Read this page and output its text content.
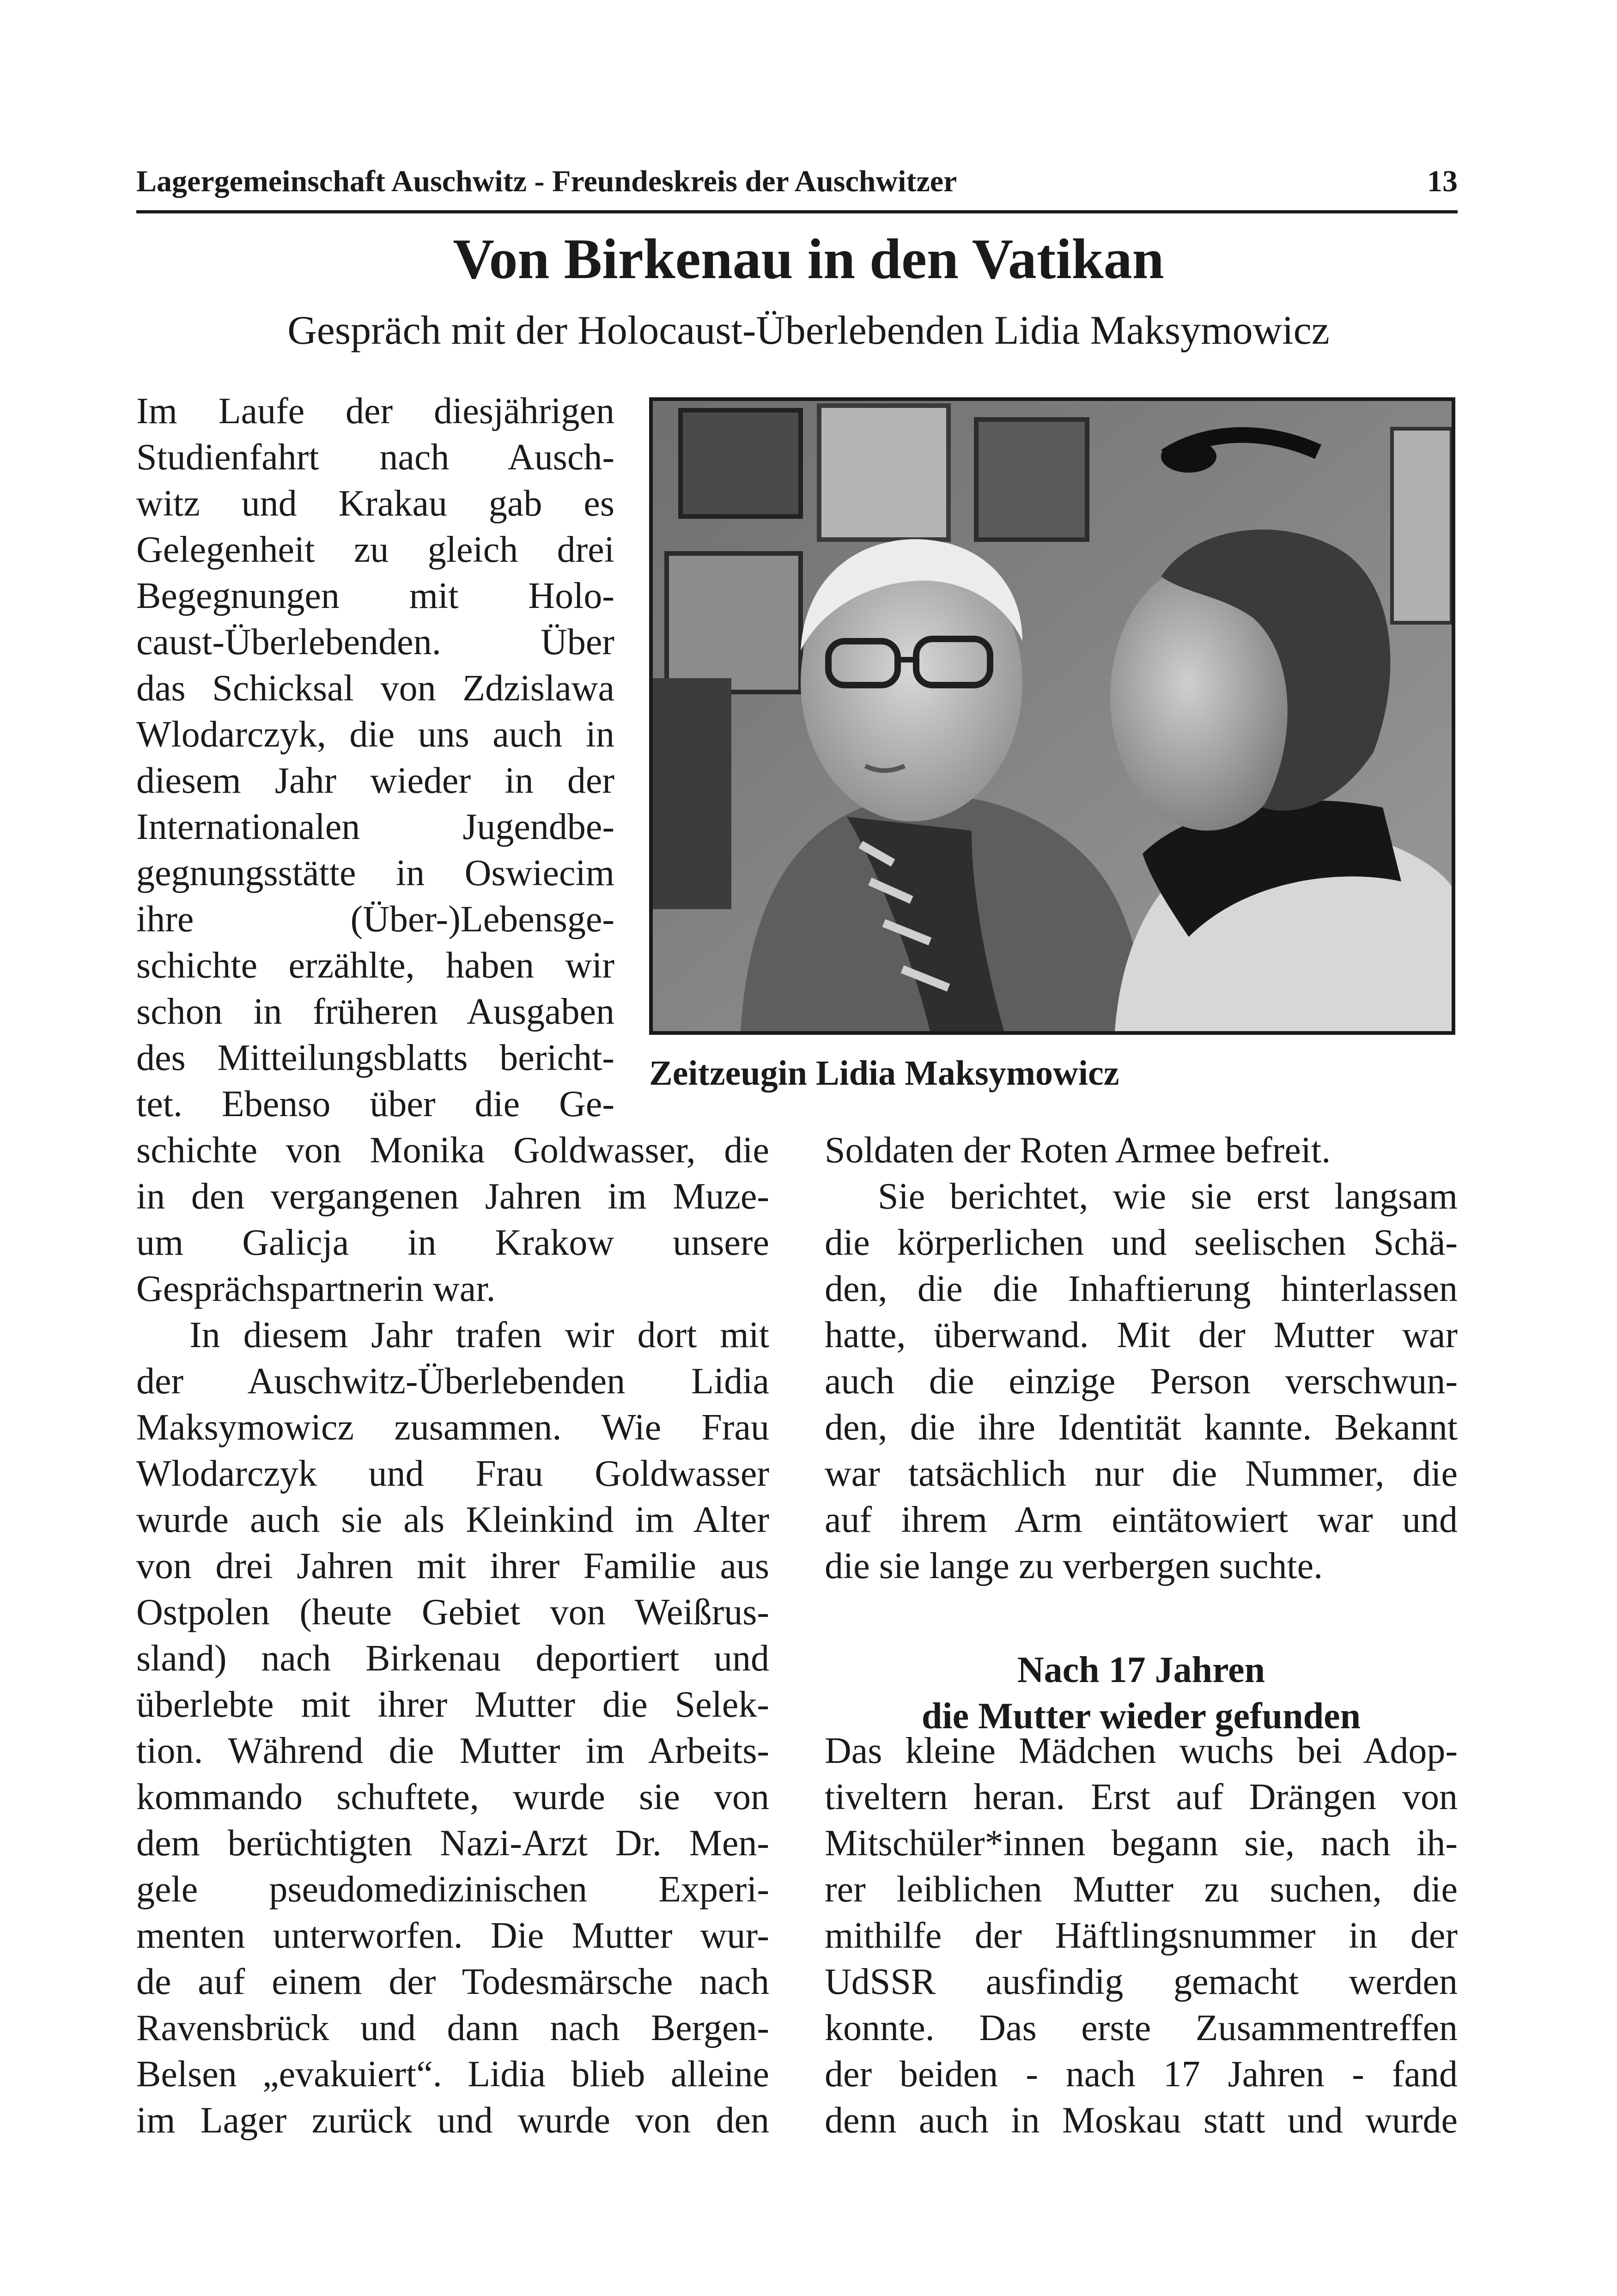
Lagergemeinschaft Auschwitz - Freundeskreis der Auschwitzer	13
Von Birkenau in den Vatikan
Gespräch mit der Holocaust-Überlebenden Lidia Maksymowicz
Zeitzeugin Lidia Maksymowicz
Im Laufe der diesjährigen
Studienfahrt nach Ausch-
witz und Krakau gab es
Gelegenheit zu gleich drei
Begegnungen mit Holo-
caust-Überlebenden. Über
das Schicksal von Zdzislawa
Wlodarczyk, die uns auch in
diesem Jahr wieder in der
Internationalen Jugendbe-
gegnungsstätte in Oswiecim
ihre (Über-)Lebensge-
schichte erzählte, haben wir
schon in früheren Ausgaben
des Mitteilungsblatts bericht-
tet. Ebenso über die Ge-
schichte von Monika Goldwasser, die
in den vergangenen Jahren im Muze-
um Galicja in Krakow unsere
Gesprächspartnerin war.
In diesem Jahr trafen wir dort mit
der Auschwitz-Überlebenden Lidia
Maksymowicz zusammen. Wie Frau
Wlodarczyk und Frau Goldwasser
wurde auch sie als Kleinkind im Alter
von drei Jahren mit ihrer Familie aus
Ostpolen (heute Gebiet von Weißrus-
sland) nach Birkenau deportiert und
überlebte mit ihrer Mutter die Selek-
tion. Während die Mutter im Arbeits-
kommando schuftete, wurde sie von
dem berüchtigten Nazi-Arzt Dr. Men-
gele pseudomedizinischen Experi-
menten unterworfen. Die Mutter wur-
de auf einem der Todesmärsche nach
Ravensbrück und dann nach Bergen-
Belsen „evakuiert“. Lidia blieb alleine
im Lager zurück und wurde von den
Soldaten der Roten Armee befreit.
Sie berichtet, wie sie erst langsam
die körperlichen und seelischen Schä-
den, die die Inhaftierung hinterlassen
hatte, überwand. Mit der Mutter war
auch die einzige Person verschwun-
den, die ihre Identität kannte. Bekannt
war tatsächlich nur die Nummer, die
auf ihrem Arm eintätowiert war und
die sie lange zu verbergen suchte.
Nach 17 Jahren
die Mutter wieder gefunden
Das kleine Mädchen wuchs bei Adop-
tiveltern heran. Erst auf Drängen von
Mitschüler*innen begann sie, nach ih-
rer leiblichen Mutter zu suchen, die
mithilfe der Häftlingsnummer in der
UdSSR ausfindig gemacht werden
konnte. Das erste Zusammentreffen
der beiden - nach 17 Jahren - fand
denn auch in Moskau statt und wurde
